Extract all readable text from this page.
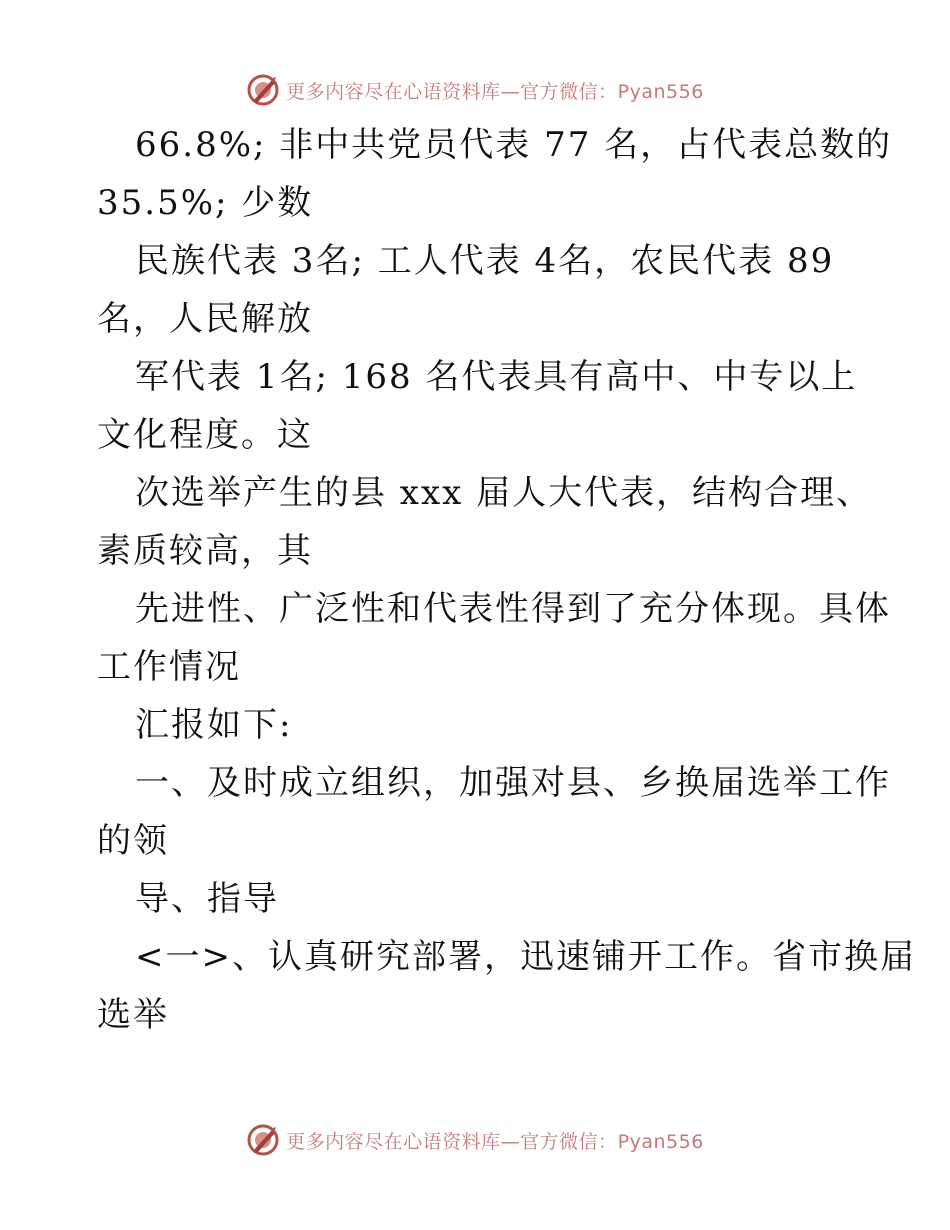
更多内容尽在心语资料库—官方微信：Pyan556

66.8%; 非中共党员代表 77 名，占代表总数的

35.5%; 少数

民族代表 3名; 工人代表 4名，农民代表 89

名，人民解放

军代表 1名; 168 名代表具有高中、中专以上

文化程度。这

次选举产生的县 xxx 届人大代表，结构合理、

素质较高，其

先进性、广泛性和代表性得到了充分体现。具体

工作情况

汇报如下:

一、及时成立组织，加强对县、乡换届选举工作

的领

导、指导

<一>、认真研究部署，迅速铺开工作。省市换届

选举

更多内容尽在心语资料库—官方微信：Pyan556
